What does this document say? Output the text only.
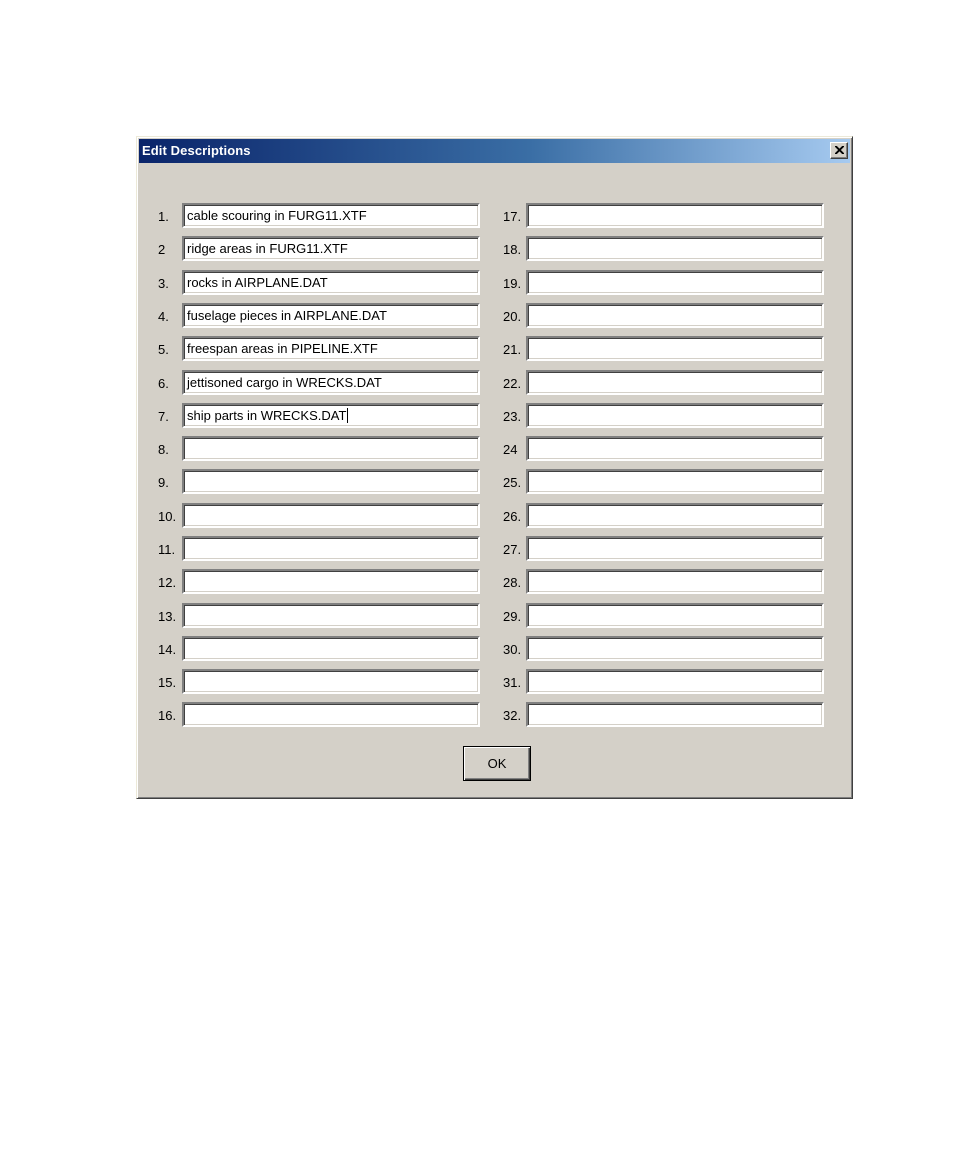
Edit Descriptions
1. cable scouring in FURG11.XTF
2 ridge areas in FURG11.XTF
3. rocks in AIRPLANE.DAT
4. fuselage pieces in AIRPLANE.DAT
5. freespan areas in PIPELINE.XTF
6. jettisoned cargo in WRECKS.DAT
7. ship parts in WRECKS.DAT
8.
9.
10.
11.
12.
13.
14.
15.
16.
17.
18.
19.
20.
21.
22.
23.
24
25.
26.
27.
28.
29.
30.
31.
32.
OK
